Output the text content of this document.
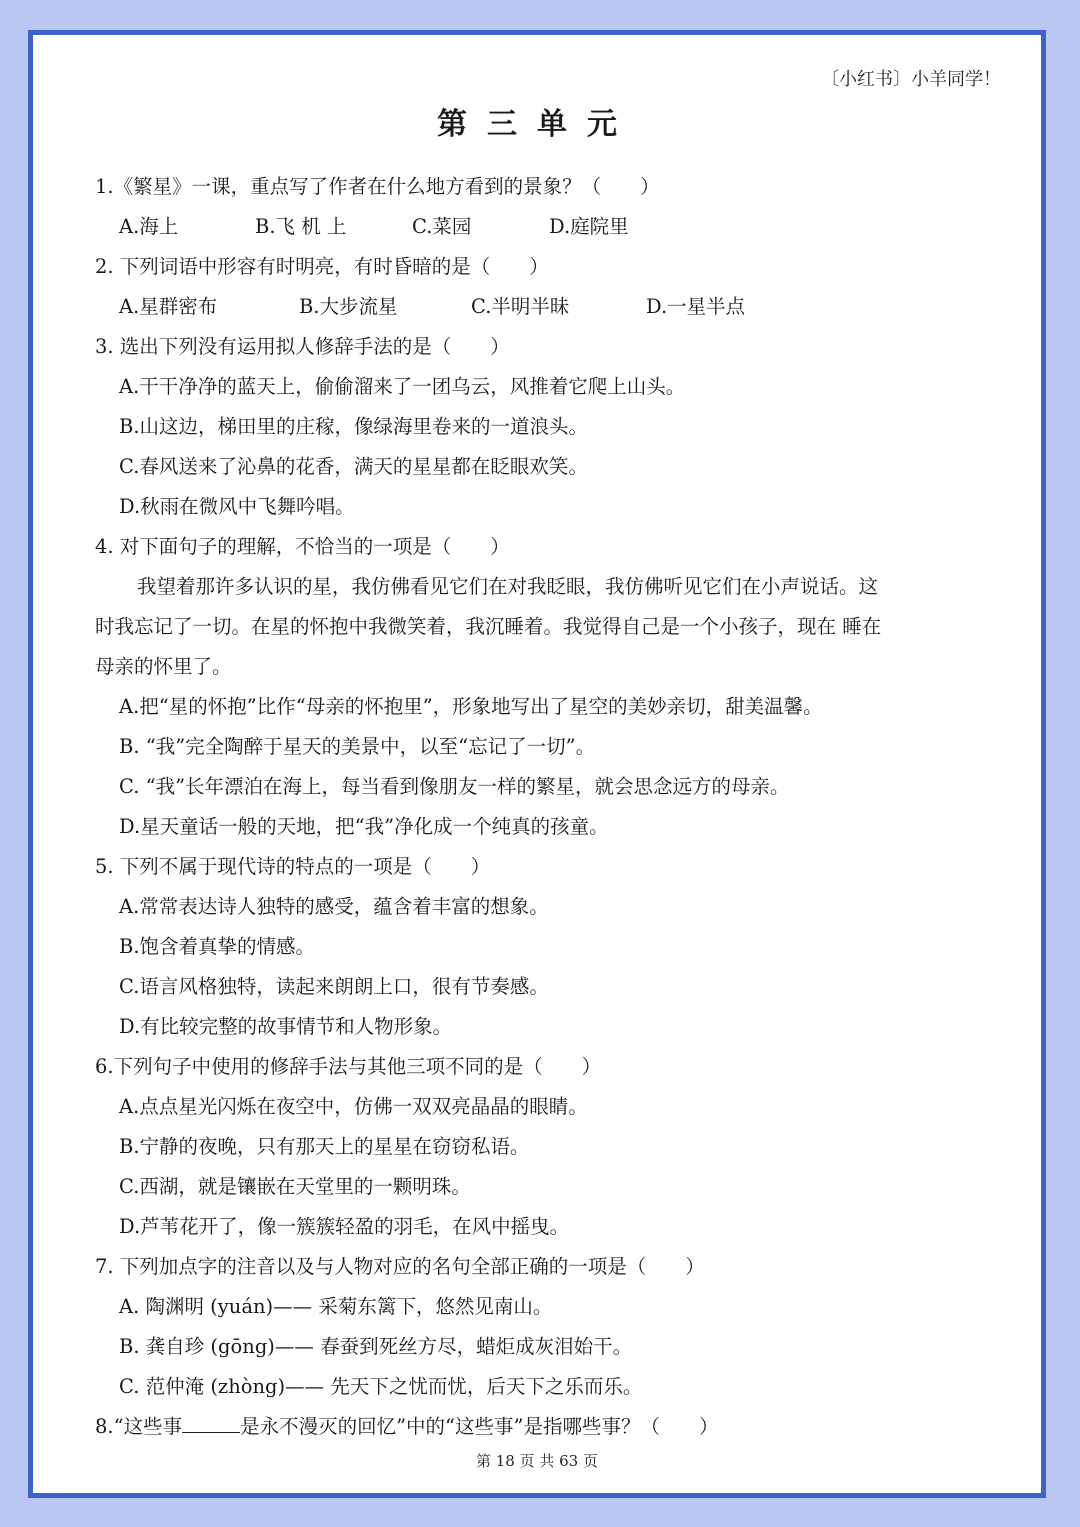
〔小红书〕小羊同学！
第三单元
1.《繁星》一课，重点写了作者在什么地方看到的景象？（　　）
A.海上	B.飞 机 上	C.菜园	D.庭院里
2. 下列词语中形容有时明亮，有时昏暗的是（　　）
A.星群密布	B.大步流星	C.半明半昧	D.一星半点
3. 选出下列没有运用拟人修辞手法的是（　　）
A.干干净净的蓝天上，偷偷溜来了一团乌云，风推着它爬上山头。
B.山这边，梯田里的庄稼，像绿海里卷来的一道浪头。
C.春风送来了沁鼻的花香，满天的星星都在眨眼欢笑。
D.秋雨在微风中飞舞吟唱。
4. 对下面句子的理解，不恰当的一项是（　　）
我望着那许多认识的星，我仿佛看见它们在对我眨眼，我仿佛听见它们在小声说话。这
时我忘记了一切。在星的怀抱中我微笑着，我沉睡着。我觉得自己是一个小孩子，现在 睡在
母亲的怀里了。
A.把“星的怀抱”比作“母亲的怀抱里”，形象地写出了星空的美妙亲切，甜美温馨。
B. “我”完全陶醉于星天的美景中，以至“忘记了一切”。
C. “我”长年漂泊在海上，每当看到像朋友一样的繁星，就会思念远方的母亲。
D.星天童话一般的天地，把“我”净化成一个纯真的孩童。
5. 下列不属于现代诗的特点的一项是（　　）
A.常常表达诗人独特的感受，蕴含着丰富的想象。
B.饱含着真挚的情感。
C.语言风格独特，读起来朗朗上口，很有节奏感。
D.有比较完整的故事情节和人物形象。
6.下列句子中使用的修辞手法与其他三项不同的是（　　）
A.点点星光闪烁在夜空中，仿佛一双双亮晶晶的眼睛。
B.宁静的夜晚，只有那天上的星星在窃窃私语。
C.西湖，就是镶嵌在天堂里的一颗明珠。
D.芦苇花开了，像一簇簇轻盈的羽毛，在风中摇曳。
7. 下列加点字的注音以及与人物对应的名句全部正确的一项是（　　）
A. 陶渊明 (yuán)—— 采菊东篱下，悠然见南山。
B. 龚自珍 (gōng)—— 春蚕到死丝方尽，蜡炬成灰泪始干。
C. 范仲淹 (zhòng)—— 先天下之忧而忧，后天下之乐而乐。
8.“这些事	是永不漫灭的回忆”中的“这些事”是指哪些事？（　　）
第 18 页 共 63 页
